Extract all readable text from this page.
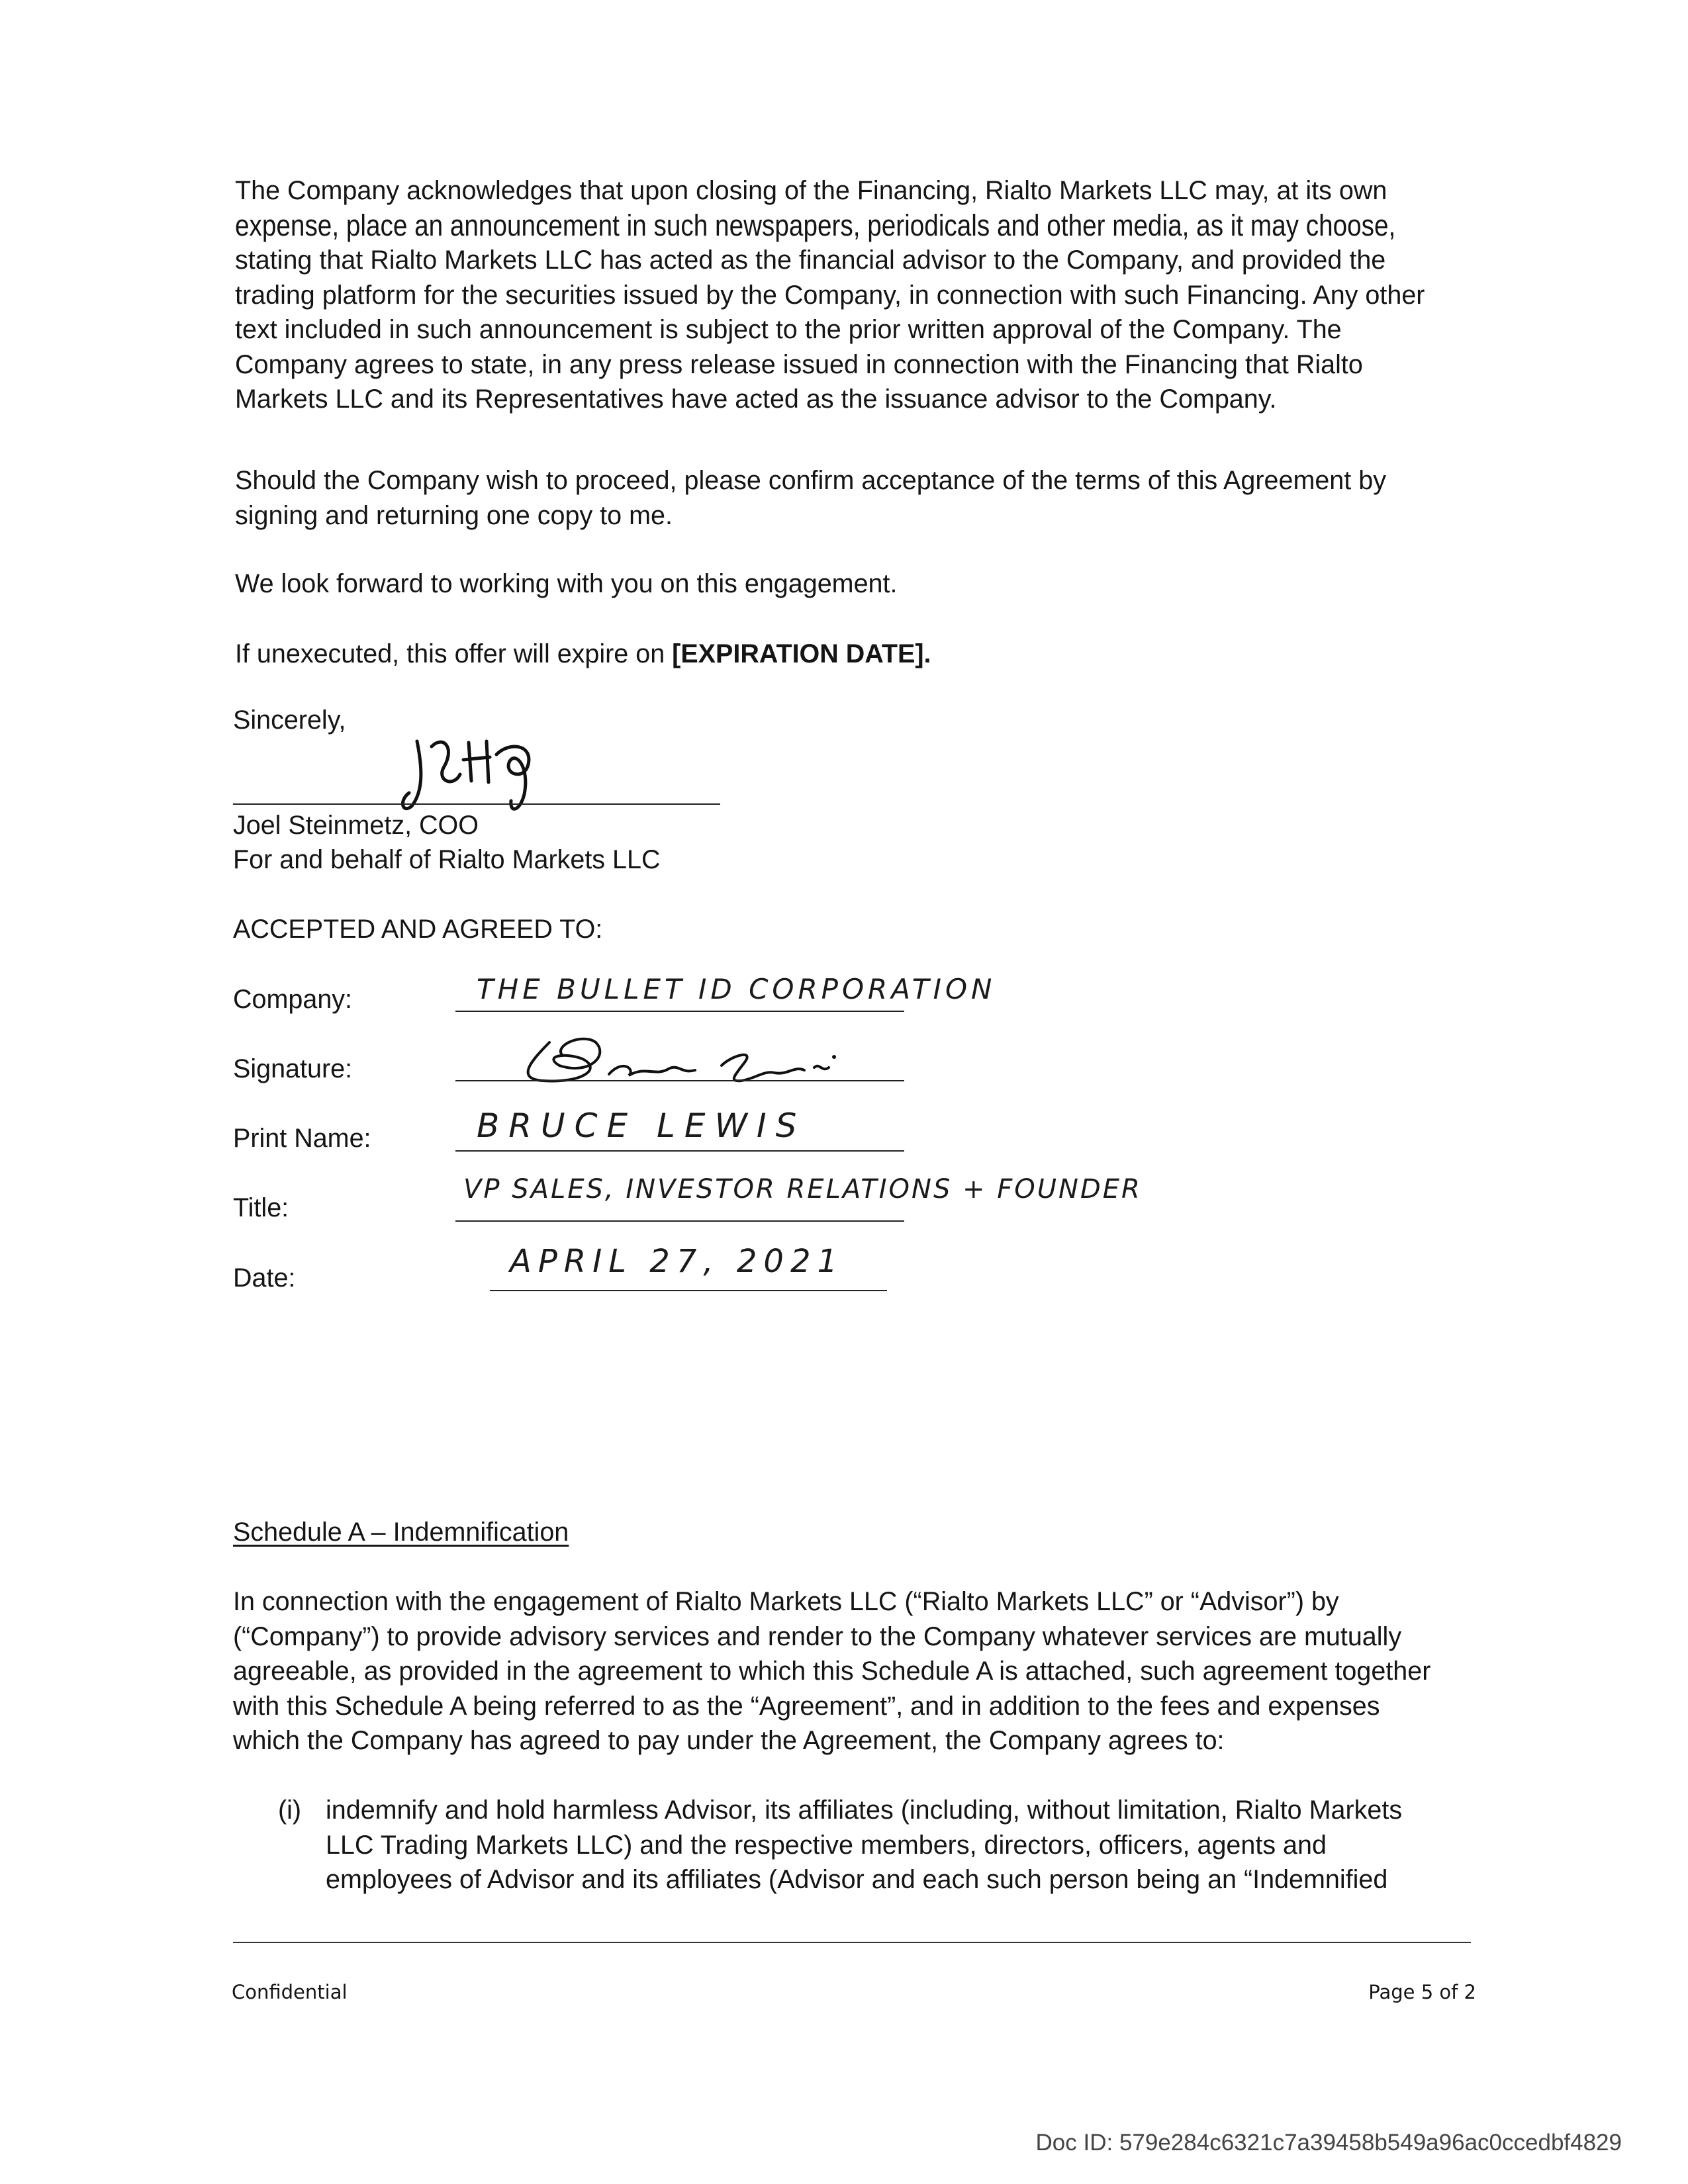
The Company acknowledges that upon closing of the Financing, Rialto Markets LLC may, at its own
expense, place an announcement in such newspapers, periodicals and other media, as it may choose,
stating that Rialto Markets LLC has acted as the financial advisor to the Company, and provided the
trading platform for the securities issued by the Company, in connection with such Financing. Any other
text included in such announcement is subject to the prior written approval of the Company. The
Company agrees to state, in any press release issued in connection with the Financing that Rialto
Markets LLC and its Representatives have acted as the issuance advisor to the Company.

Should the Company wish to proceed, please confirm acceptance of the terms of this Agreement by
signing and returning one copy to me.

We look forward to working with you on this engagement.

If unexecuted, this offer will expire on [EXPIRATION DATE].

Sincerely,

Joel Steinmetz, COO

For and behalf of Rialto Markets LLC

ACCEPTED AND AGREED TO:

Company:	THE BULLET ID CORPORATION
Signature:
Print Name:	BRUCE LEWIS
Title:
VP SALES, INVESTOR RELATIONS + FOUNDER
Date:	APRIL 27, 2021
Schedule A – Indemnification

In connection with the engagement of Rialto Markets LLC (“Rialto Markets LLC” or “Advisor”) by
(“Company”) to provide advisory services and render to the Company whatever services are mutually
agreeable, as provided in the agreement to which this Schedule A is attached, such agreement together
with this Schedule A being referred to as the “Agreement”, and in addition to the fees and expenses
which the Company has agreed to pay under the Agreement, the Company agrees to:

(i) indemnify and hold harmless Advisor, its affiliates (including, without limitation, Rialto Markets
LLC Trading Markets LLC) and the respective members, directors, officers, agents and
employees of Advisor and its affiliates (Advisor and each such person being an “Indemnified

Confidential	Page 5 of 2
Doc ID: 579e284c6321c7a39458b549a96ac0ccedbf4829
